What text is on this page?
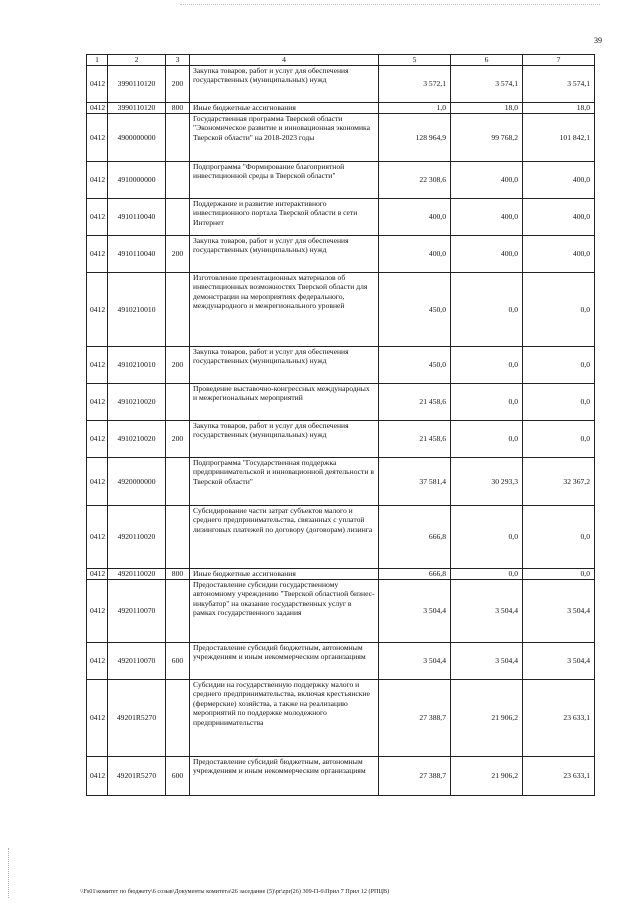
39
1	2	3	4	5	6	7
0412	3990110120	200	Закупка товаров, работ и услуг для обеспечения государственных (муниципальных) нужд	3 572,1	3 574,1	3 574,1
0412	3990110120	800	Иные бюджетные ассигнования	1,0	18,0	18,0
0412	4900000000		Государственная программа Тверской области "Экономическое развитие и инновационная экономика Тверской области" на 2018-2023 годы	128 964,9	99 768,2	101 842,1
0412	4910000000		Подпрограмма "Формирование благоприятной инвестиционной среды в Тверской области"	22 308,6	400,0	400,0
0412	4910110040		Поддержание и развитие интерактивного инвестиционного портала Тверской области в сети Интернет	400,0	400,0	400,0
0412	4910110040	200	Закупка товаров, работ и услуг для обеспечения государственных (муниципальных) нужд	400,0	400,0	400,0
0412	4910210010		Изготовление презентационных материалов об инвестиционных возможностях Тверской области для демонстрации на мероприятиях федерального, международного и межрегионального уровней	450,0	0,0	0,0
0412	4910210010	200	Закупка товаров, работ и услуг для обеспечения государственных (муниципальных) нужд	450,0	0,0	0,0
0412	4910210020		Проведение выставочно-конгрессных международных и межрегиональных мероприятий	21 458,6	0,0	0,0
0412	4910210020	200	Закупка товаров, работ и услуг для обеспечения государственных (муниципальных) нужд	21 458,6	0,0	0,0
0412	4920000000		Подпрограмма "Государственная поддержка предпринимательской и инновационной деятельности в Тверской области"	37 581,4	30 293,3	32 367,2
0412	4920110020		Субсидирование части затрат субъектов малого и среднего предпринимательства, связанных с уплатой лизинговых платежей по договору (договорам) лизинга	666,8	0,0	0,0
0412	4920110020	800	Иные бюджетные ассигнования	666,8	0,0	0,0
0412	4920110070		Предоставление субсидии государственному автономному учреждению "Тверской областной бизнес-инкубатор" на оказание государственных услуг в рамках государственного задания	3 504,4	3 504,4	3 504,4
0412	4920110070	600	Предоставление субсидий бюджетным, автономным учреждениям и иным некоммерческим организациям	3 504,4	3 504,4	3 504,4
0412	49201R5270		Субсидии на государственную поддержку малого и среднего предпринимательства, включая крестьянские (фермерские) хозяйства, а также на реализацию мероприятий по поддержке молодежного предпринимательства	27 388,7	21 906,2	23 633,1
0412	49201R5270	600	Предоставление субсидий бюджетным, автономным учреждениям и иным некоммерческим организациям	27 388,7	21 906,2	23 633,1
\\Fs01\комитет по бюджету\6 созыв\Документы комитета\26 заседание (5)\pr\zpr(26) 309-П-6\Прил 7 Прил 12 (РПЦВ)
